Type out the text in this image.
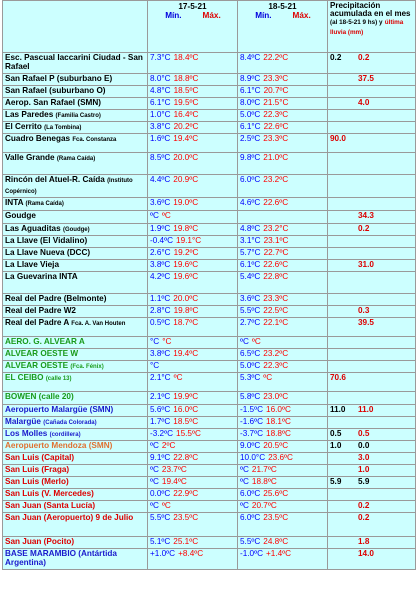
	17-5-21
Mín. Máx.	18-5-21
Mín. Máx.	Precipitación acumulada en el mes (al 18-5-21 9 hs) y última lluvia (mm)
Esc. Pascual Iaccarini Ciudad - San Rafael	7.3°C 18.4ºC	8.4ºC 22.2ºC	0.2 0.2
San Rafael P (suburbano E)	8.0°C 18.8ºC	8.9ºC 23.3ºC	37.5
San Rafael (suburbano O)	4.8°C 18.5ºC	6.1°C 20.7ºC	
Aerop. San Rafael (SMN)	6.1°C 19.5ºC	8.0ºC 21.5°C	4.0
Las Paredes (Familia Castro)	1.0°C 16.4ºC	5.0ºC 22.3ºC	
El Cerrito (La Tombina)	3.8°C 20.2ºC	6.1°C 22.6ºC	
Cuadro Benegas Fca. Constanza	1.6ºC 19.4ºC	2.5ºC 23.3ºC	90.0
Valle Grande (Rama Caída)	8.5ºC 20.0ºC	9.8ºC 21.0ºC	
Rincón del Atuel-R. Caída (Instituto Copérnico)	4.4ºC 20.9ºC	6.0ºC 23.2ºC	
INTA (Rama Caída)	3.6ºC 19.0ºC	4.6ºC 22.6ºC	
Goudge	ºC ºC		34.3
Las Aguaditas (Goudge)	1.9ºC 19.8ºC	4.8ºC 23.2°C	0.2
La Llave (El Vidalino)	-0.4ºC 19.1°C	3.1°C 23.1ºC	
La Llave Nueva (DCC)	2.6°C 19.2ºC	5.7°C 22.7ºC	
La Llave Vieja	3.8ºC 19.6ºC	6.1ºC 22.6ºC	31.0
La Guevarina INTA	4.2ºC 19.6ºC	5.4ºC 22.8ºC	
Real del Padre (Belmonte)	1.1ºC 20.0ºC	3.6ºC 23.3ºC	
Real del Padre W2	2.8°C 19.8ºC	5.5ºC 22.5ºC	0.3
Real del Padre A Fca. A. Van Houten	0.5ºC 18.7ºC	2.7ºC 22.1ºC	39.5
AERO. G. ALVEAR A	°C °C	ºC ºC	
ALVEAR OESTE W	3.8ºC 19.4ºC	6.5ºC 23.2ºC	
ALVEAR OESTE (Fca. Fénix)	°C	5.0ºC 22.3ºC	
EL CEIBO (calle 13)	2.1°C ºC	5.3ºC ºC	70.6
BOWEN (calle 20)	2.1ºC 19.9ºC	5.8ºC 23.0ºC	
Aeropuerto Malargüe (SMN)	5.6ºC 16.0ºC	-1.5ºC 16.0ºC	11.0 11.0
Malargüe (Cañada Colorada)	1.7ºC 18.5ºC	-1.6ºC 18.1ºC	
Los Molles (cordillera)	-3.2ºC 15.5ºC	-3.7ºC 18.8ºC	0.5 0.5
Aeropuerto Mendoza (SMN)	ºC 2ºC	9.0ºC 20.5ºC	1.0 0.0
San Luis (Capital)	9.1ºC 22.8ºC	10.0°C 23.6ºC	3.0
San Luis (Fraga)	ºC 23.7ºC	ºC 21.7ºC	1.0
San Luis (Merlo)	ºC 19.4ºC	ºC 18.8ºC	5.9 5.9
San Luis (V. Mercedes)	0.0ºC 22.9ºC	6.0ºC 25.6ºC	
San Juan (Santa Lucía)	ºC ºC	ºC 20.7ºC	0.2
San Juan (Aeropuerto) 9 de Julio	5.5ºC 23.5ºC	6.0ºC 23.5ºC	0.2
San Juan (Pocito)	5.1ºC 25.1ºC	5.5ºC 24.8ºC	1.8
BASE MARAMBIO (Antártida Argentina)	+1.0ºC +8.4ºC	-1.0ºC +1.4ºC	14.0
